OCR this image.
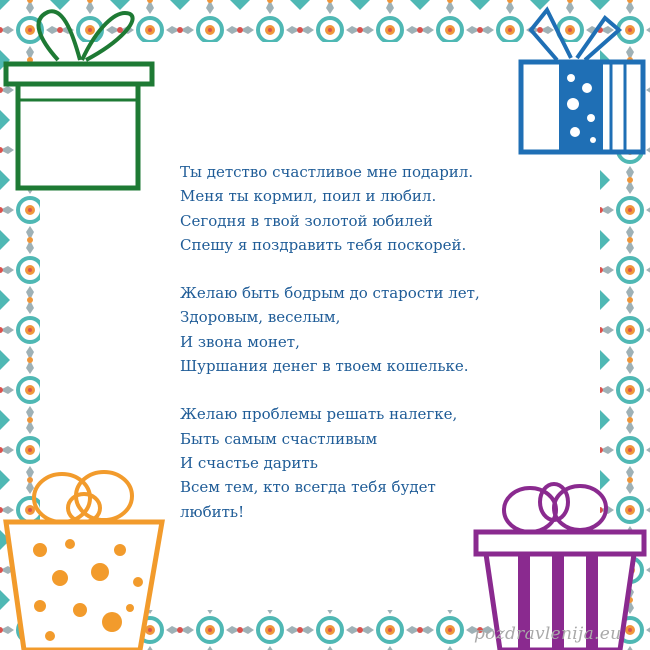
Ты детство счастливое мне подарил.
Меня ты кормил, поил и любил.
Сегодня в твой золотой юбилей
Спешу я поздравить тебя поскорей.
Желаю быть бодрым до старости лет,
Здоровым, веселым,
И звона монет,
Шуршания денег в твоем кошельке.
Желаю проблемы решать налегке,
Быть самым счастливым
И счастье дарить
Всем тем, кто всегда тебя будет
любить!
pozdravlenija.eu
